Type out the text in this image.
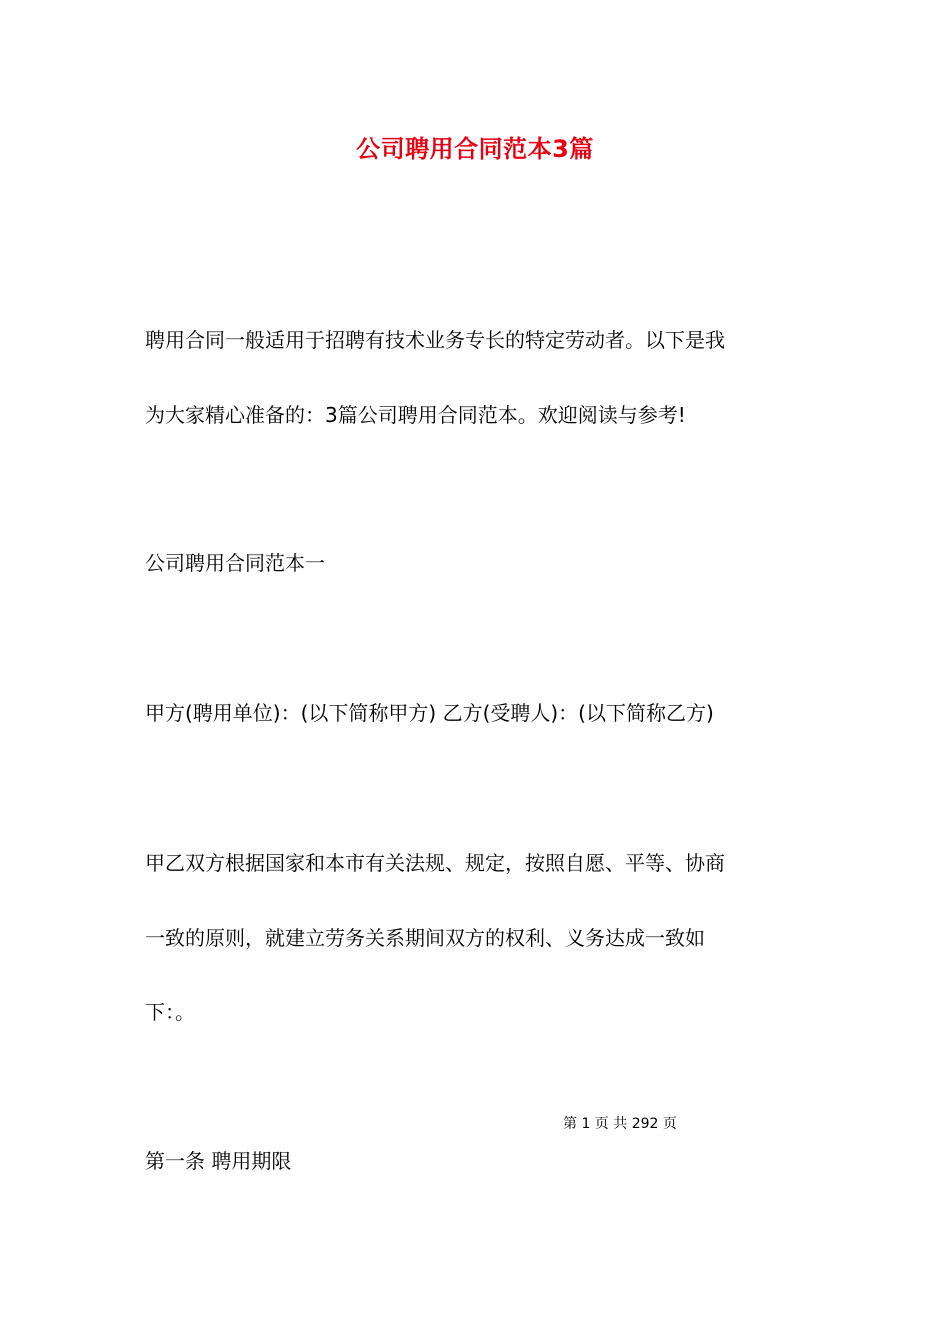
公司聘用合同范本3篇
聘用合同一般适用于招聘有技术业务专长的特定劳动者。以下是我
为大家精心准备的：3篇公司聘用合同范本。欢迎阅读与参考!
公司聘用合同范本一
甲方(聘用单位)：(以下简称甲方) 乙方(受聘人)：(以下简称乙方)
甲乙双方根据国家和本市有关法规、规定，按照自愿、平等、协商
一致的原则，就建立劳务关系期间双方的权利、义务达成一致如
下：。
第 1 页 共 292 页
第一条 聘用期限
